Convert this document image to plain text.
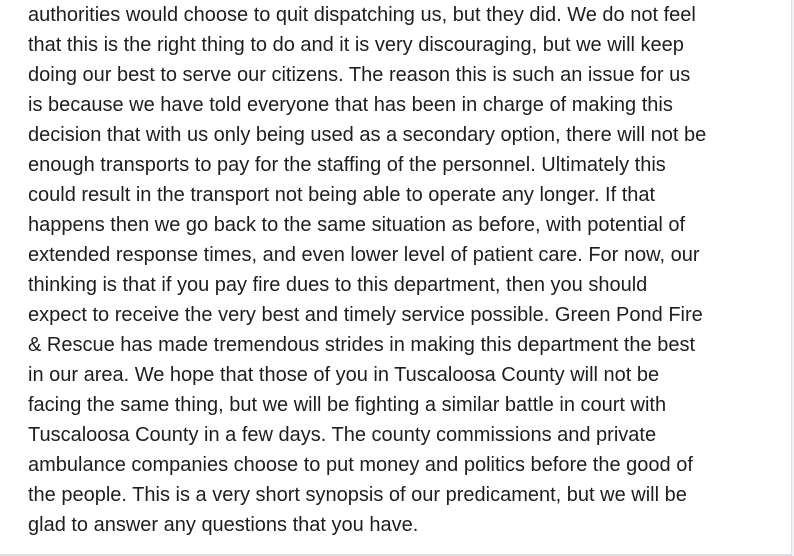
authorities would choose to quit dispatching us, but they did. We do not feel
that this is the right thing to do and it is very discouraging, but we will keep
doing our best to serve our citizens. The reason this is such an issue for us
is because we have told everyone that has been in charge of making this
decision that with us only being used as a secondary option, there will not be
enough transports to pay for the staffing of the personnel. Ultimately this
could result in the transport not being able to operate any longer. If that
happens then we go back to the same situation as before, with potential of
extended response times, and even lower level of patient care. For now, our
thinking is that if you pay fire dues to this department, then you should
expect to receive the very best and timely service possible. Green Pond Fire
& Rescue has made tremendous strides in making this department the best
in our area. We hope that those of you in Tuscaloosa County will not be
facing the same thing, but we will be fighting a similar battle in court with
Tuscaloosa County in a few days. The county commissions and private
ambulance companies choose to put money and politics before the good of
the people. This is a very short synopsis of our predicament, but we will be
glad to answer any questions that you have.
